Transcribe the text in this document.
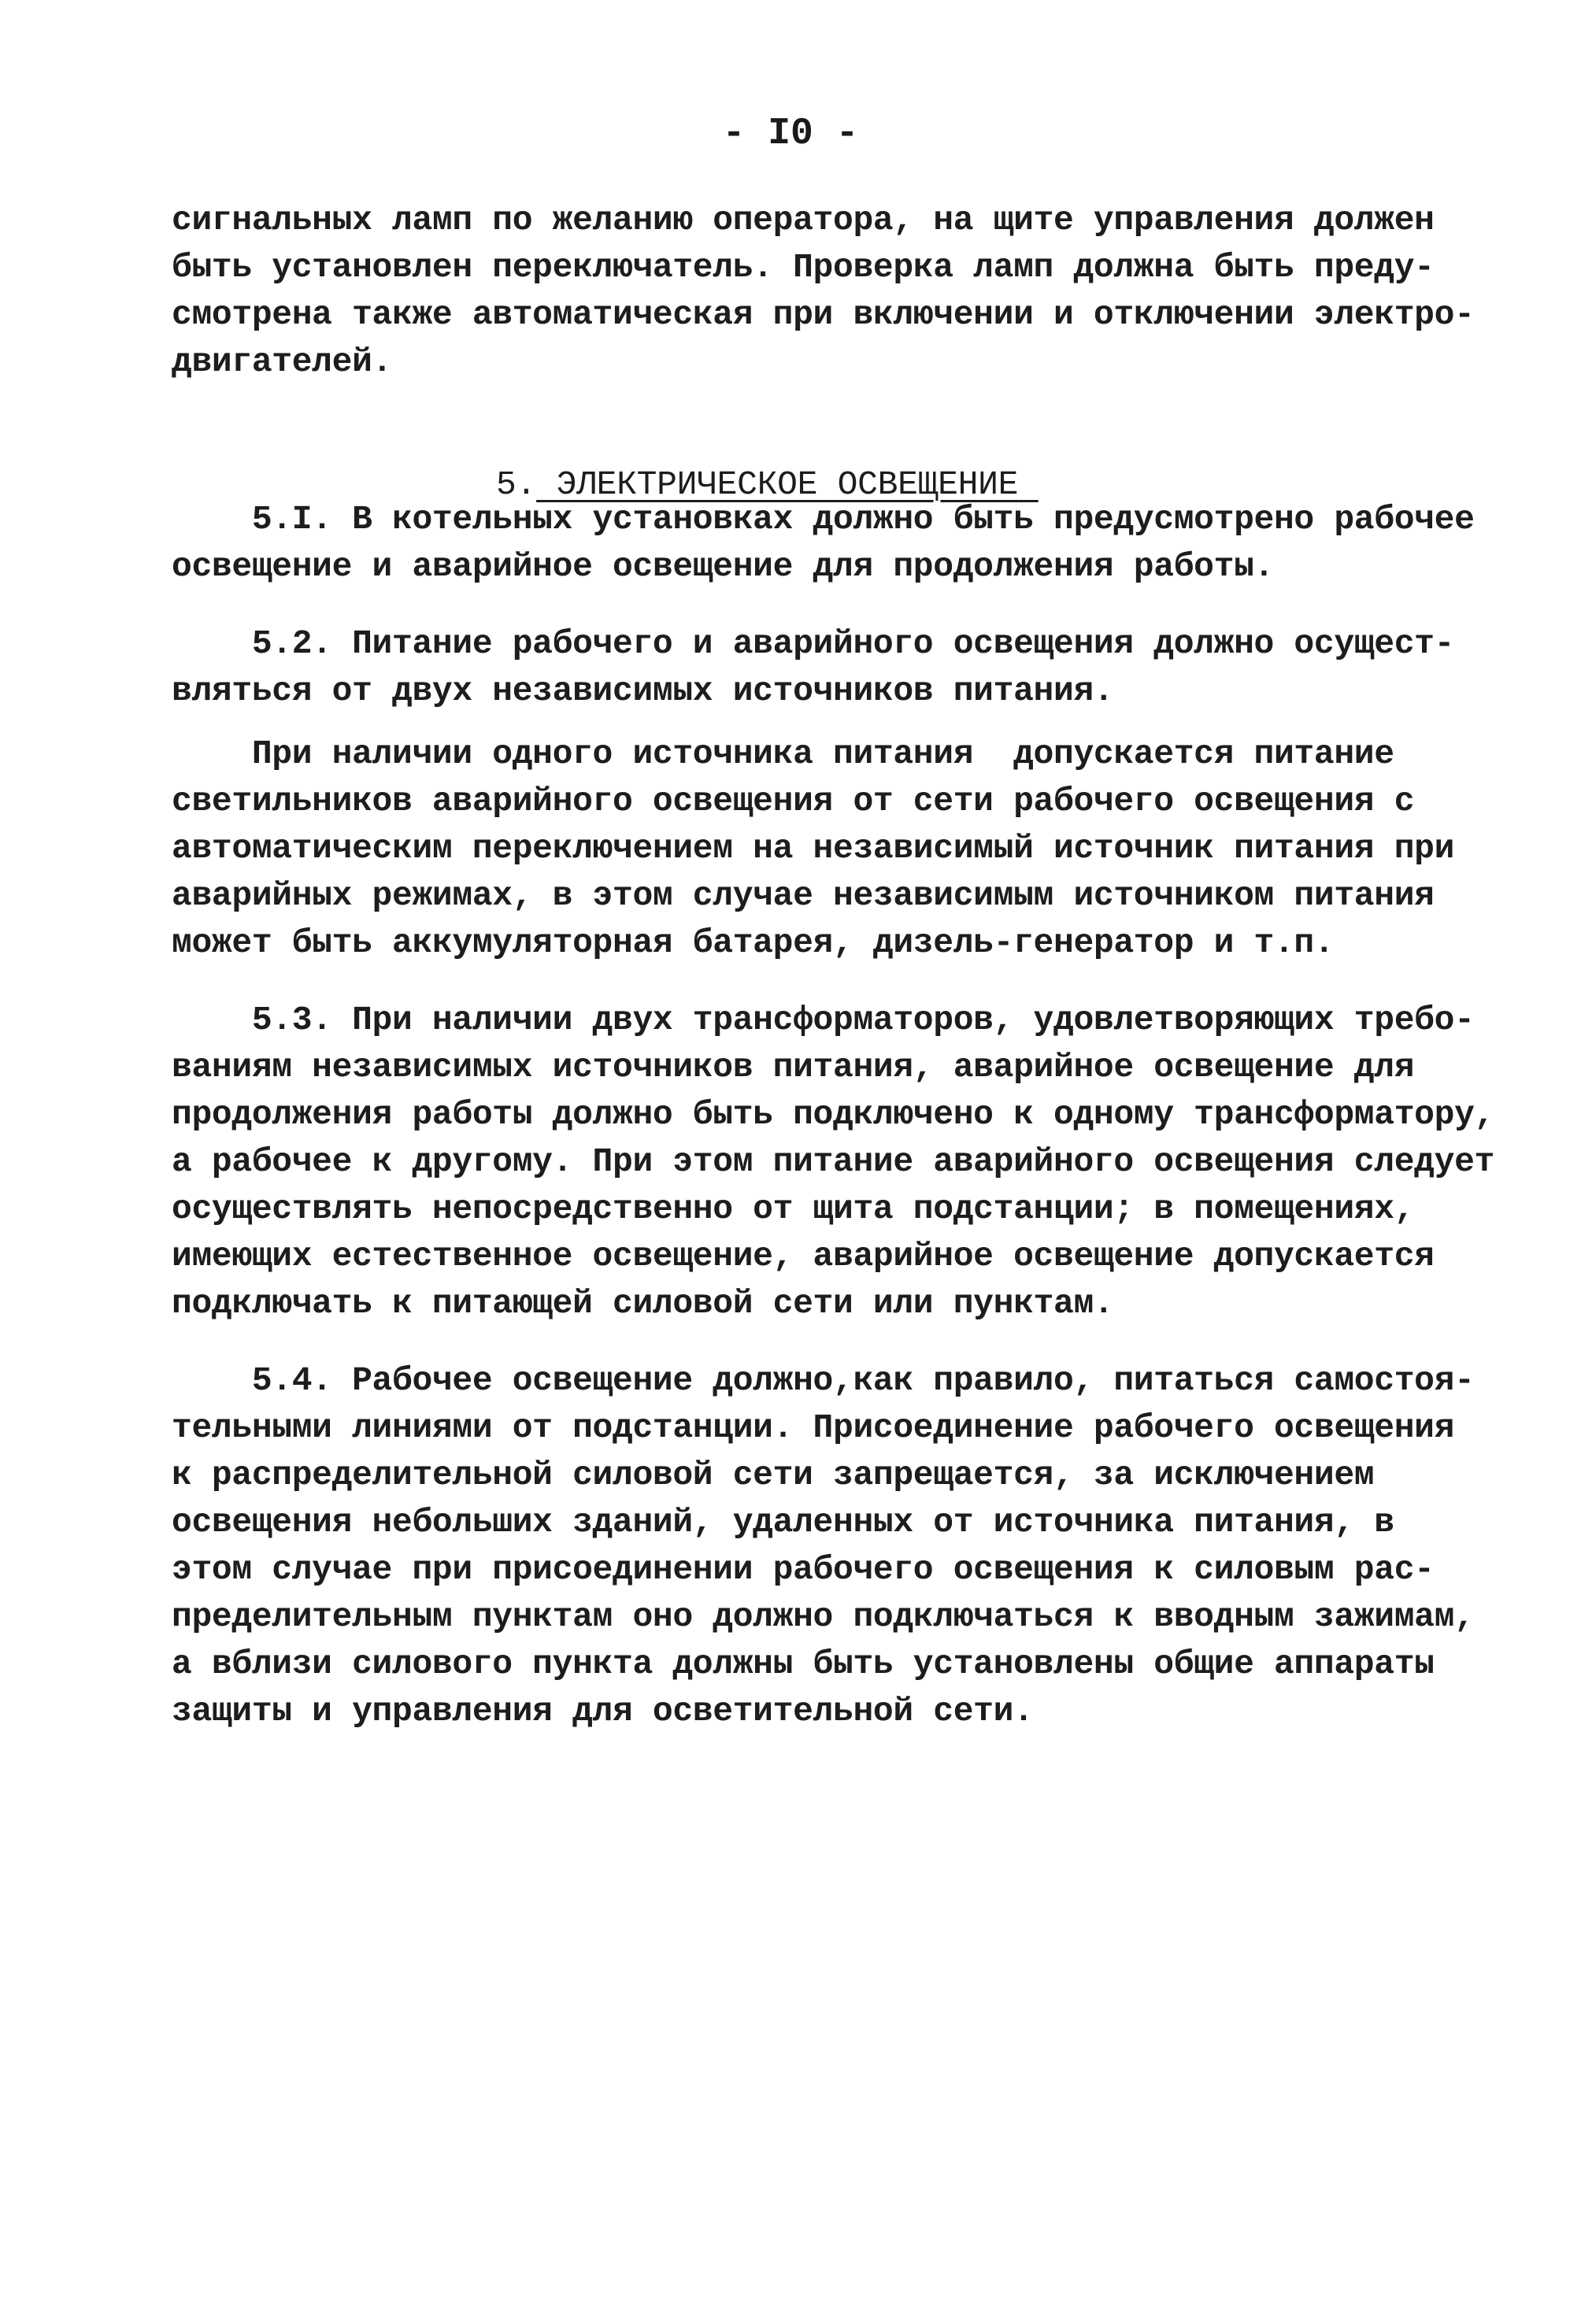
- I0 -
сигнальных ламп по желанию оператора, на щите управления должен
быть установлен переключатель. Проверка ламп должна быть преду-
смотрена также автоматическая при включении и отключении электро-
двигателей.

5. ЭЛЕКТРИЧЕСКОЕ ОСВЕЩЕНИЕ

5.I. В котельных установках должно быть предусмотрено рабочее
освещение и аварийное освещение для продолжения работы.
5.2. Питание рабочего и аварийного освещения должно осущест-
вляться от двух независимых источников питания.
При наличии одного источника питания  допускается питание
светильников аварийного освещения от сети рабочего освещения с
автоматическим переключением на независимый источник питания при
аварийных режимах, в этом случае независимым источником питания
может быть аккумуляторная батарея, дизель-генератор и т.п.
5.3. При наличии двух трансформаторов, удовлетворяющих требо-
ваниям независимых источников питания, аварийное освещение для
продолжения работы должно быть подключено к одному трансформатору,
а рабочее к другому. При этом питание аварийного освещения следует
осуществлять непосредственно от щита подстанции; в помещениях,
имеющих естественное освещение, аварийное освещение допускается
подключать к питающей силовой сети или пунктам.
5.4. Рабочее освещение должно,как правило, питаться самостоя-
тельными линиями от подстанции. Присоединение рабочего освещения
к распределительной силовой сети запрещается, за исключением
освещения небольших зданий, удаленных от источника питания, в
этом случае при присоединении рабочего освещения к силовым рас-
пределительным пунктам оно должно подключаться к вводным зажимам,
а вблизи силового пункта должны быть установлены общие аппараты
защиты и управления для осветительной сети.
